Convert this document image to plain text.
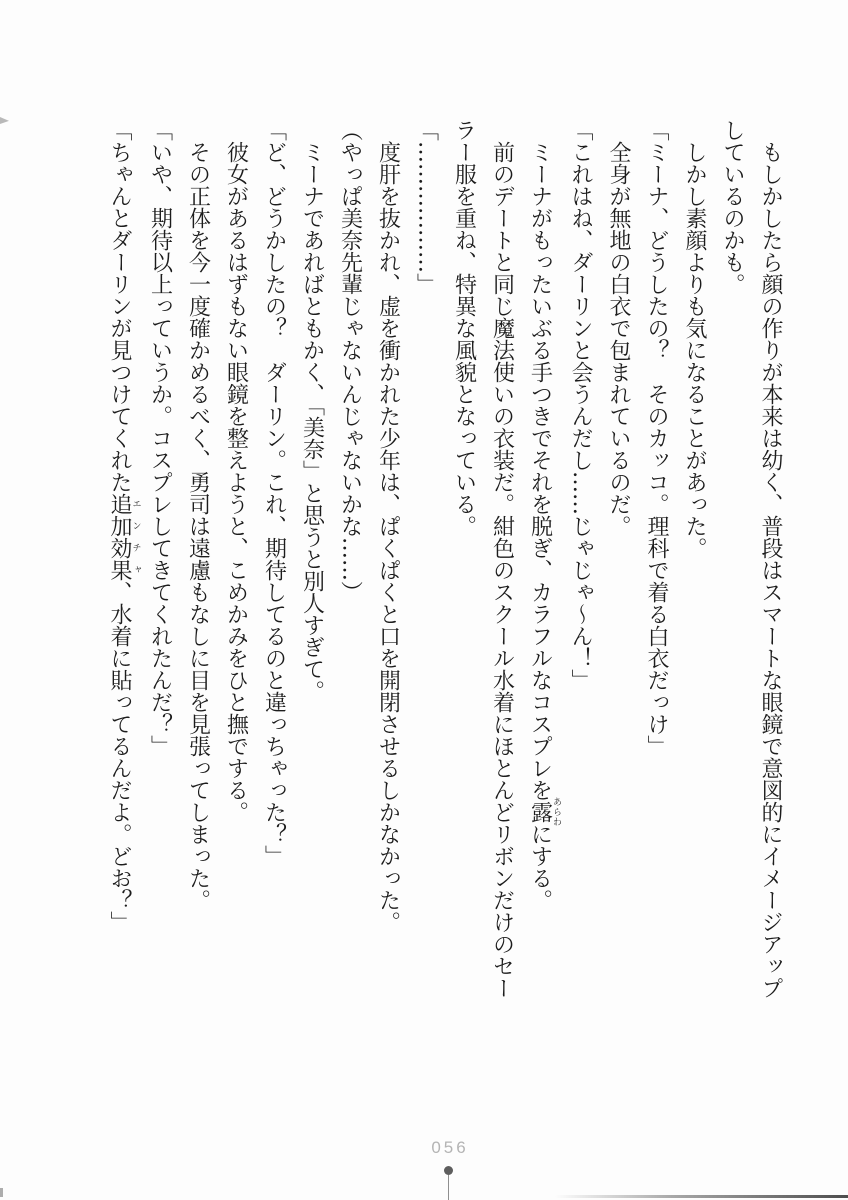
もしかしたら顔の作りが本来は幼く、普段はスマートな眼鏡で意図的にイメージアップ
しているのかも。
しかし素顔よりも気になることがあった。
「ミーナ、どうしたの？　そのカッコ。理科で着る白衣だっけ」
全身が無地の白衣で包まれているのだ。
「これはね、ダーリンと会うんだし……じゃじゃ～ん！」
ミーナがもったいぶる手つきでそれを脱ぎ、カラフルなコスプレを露あらわにする。
前のデートと同じ魔法使いの衣装だ。紺色のスクール水着にほとんどリボンだけのセー
ラー服を重ね、特異な風貌となっている。
「………………」
度肝を抜かれ、虚を衝かれた少年は、ぱくぱくと口を開閉させるしかなかった。
（やっぱ美奈先輩じゃないんじゃないかな……）
ミーナであればともかく、「美奈」と思うと別人すぎて。
「ど、どうかしたの？　ダーリン。これ、期待してるのと違っちゃった？」
彼女があるはずもない眼鏡を整えようと、こめかみをひと撫でする。
その正体を今一度確かめるべく、勇司は遠慮もなしに目を見張ってしまった。
「いや、期待以上っていうか。コスプレしてきてくれたんだ？」
「ちゃんとダーリンが見つけてくれた追加効果エンチャ、水着に貼ってるんだよ。どお？」
056
